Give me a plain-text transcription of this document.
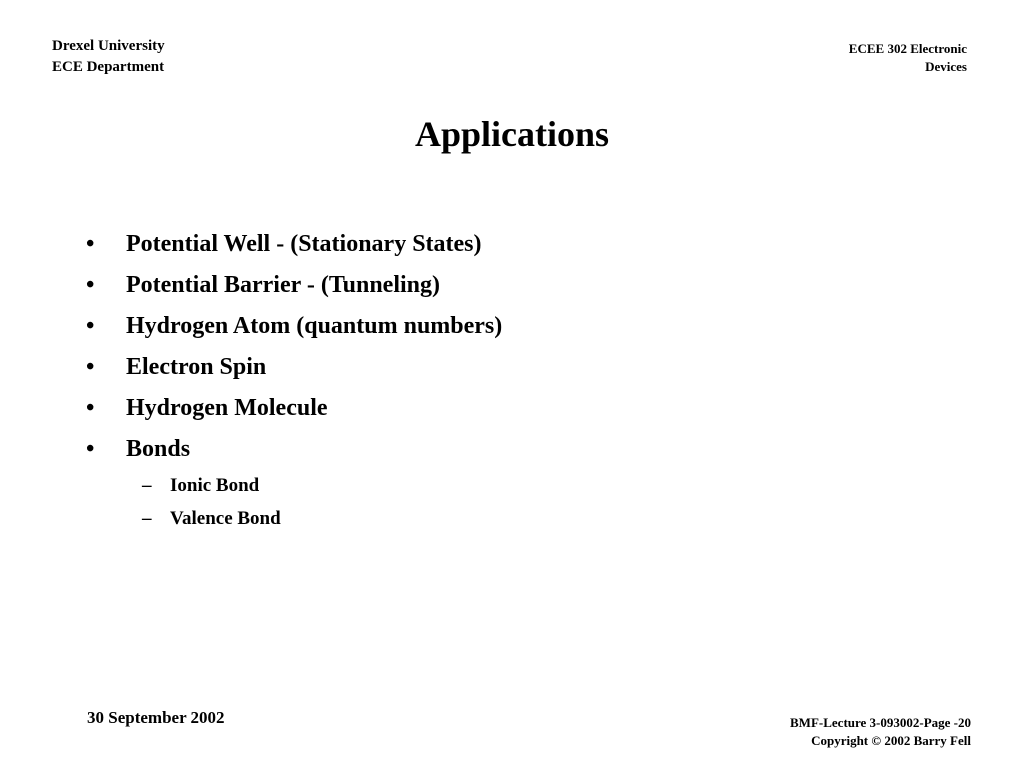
Drexel University
ECE Department
ECEE 302 Electronic
Devices
Applications
•	Potential Well - (Stationary States)
•	Potential Barrier - (Tunneling)
•	Hydrogen Atom (quantum numbers)
•	Electron Spin
•	Hydrogen Molecule
•	Bonds
– Ionic Bond
– Valence Bond
30 September 2002	BMF-Lecture 3-093002-Page -20
Copyright © 2002 Barry Fell
